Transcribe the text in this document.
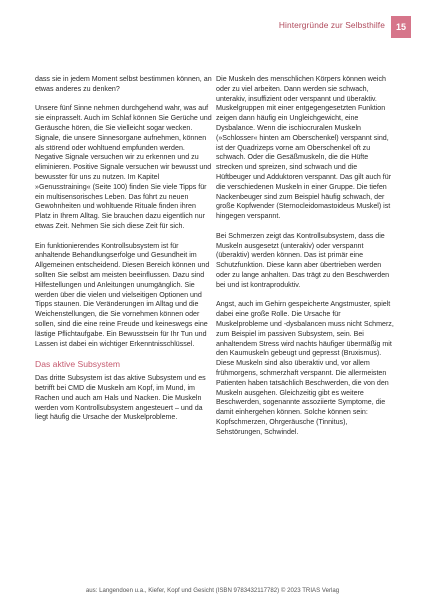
Hintergründe zur Selbsthilfe	15

dass sie in jedem Moment selbst bestimmen können, an etwas anderes zu denken?

Unsere fünf Sinne nehmen durchgehend wahr, was auf sie einprasselt. Auch im Schlaf können Sie Gerüche und Geräusche hören, die Sie vielleicht sogar wecken. Signale, die unsere Sinnesorgane aufnehmen, können als störend oder wohltuend empfunden werden. Negative Signale versuchen wir zu erkennen und zu eliminieren. Positive Signale versuchen wir bewusst und bewusster für uns zu nutzen. Im Kapitel »Genusstraining« (Seite 100) finden Sie viele Tipps für ein multisensorisches Leben. Das führt zu neuen Gewohnheiten und wohltuende Rituale finden ihren Platz in Ihrem Alltag. Sie brauchen dazu eigentlich nur etwas Zeit. Nehmen Sie sich diese Zeit für sich.

Ein funktionierendes Kontrollsubsystem ist für anhaltende Behandlungserfolge und Gesundheit im Allgemeinen entscheidend. Diesen Bereich können und sollten Sie selbst am meisten beeinflussen. Dazu sind Hilfestellungen und Anleitungen unumgänglich. Sie werden über die vielen und vielseitigen Optionen und Tipps staunen. Die Veränderungen im Alltag und die Weichenstellungen, die Sie vornehmen können oder sollen, sind die eine reine Freude und keineswegs eine lästige Pflichtaufgabe. Ein Bewusstsein für Ihr Tun und Lassen ist dabei ein wichtiger Erkenntnisschlüssel.

Das aktive Subsystem

Das dritte Subsystem ist das aktive Subsystem und es betrifft bei CMD die Muskeln am Kopf, im Mund, im Rachen und auch am Hals und Nacken. Die Muskeln werden vom Kontrollsubsystem angesteuert – und da liegt häufig die Ursache der Muskelprobleme.

Die Muskeln des menschlichen Körpers können weich oder zu viel arbeiten. Dann werden sie schwach, unterakiv, insuffizient oder verspannt und überaktiv. Muskelgruppen mit einer entgegengesetzten Funktion zeigen dann häufig ein Ungleichgewicht, eine Dysbalance. Wenn die ischiocruralen Muskeln (»Schlosser« hinten am Oberschenkel) verspannt sind, ist der Quadrizeps vorne am Oberschenkel oft zu schwach. Oder die Gesäßmuskeln, die die Hüfte strecken und spreizen, sind schwach und die Hüftbeuger und Adduktoren verspannt. Das gilt auch für die verschiedenen Muskeln in einer Gruppe. Die tiefen Nackenbeuger sind zum Beispiel häufig schwach, der große Kopfwender (Sternocleidomastoideus Muskel) ist hingegen verspannt.

Bei Schmerzen zeigt das Kontrollsubsystem, dass die Muskeln ausgesetzt (unterakiv) oder verspannt (überaktiv) werden können. Das ist primär eine Schutzfunktion. Diese kann aber übertrieben werden oder zu lange anhalten. Das trägt zu den Beschwerden bei und ist kontraproduktiv.

Angst, auch im Gehirn gespeicherte Angstmuster, spielt dabei eine große Rolle. Die Ursache für Muskelprobleme und -dysbalancen muss nicht Schmerz, zum Beispiel im passiven Subsystem, sein. Bei anhaltendem Stress wird nachts häufiger übermäßig mit den Kaumuskeln gebeugt und gepresst (Bruxismus). Diese Muskeln sind also überaktiv und, vor allem frühmorgens, schmerzhaft verspannt. Die allermeisten Patienten haben tatsächlich Beschwerden, die von den Muskeln ausgehen. Gleichzeitig gibt es weitere Beschwerden, sogenannte assoziierte Symptome, die damit einhergehen können. Solche können sein: Kopfschmerzen, Ohrgeräusche (Tinnitus), Sehstörungen, Schwindel.

aus: Langendoen u.a., Kiefer, Kopf und Gesicht (ISBN 9783432117782) © 2023 TRIAS Verlag
